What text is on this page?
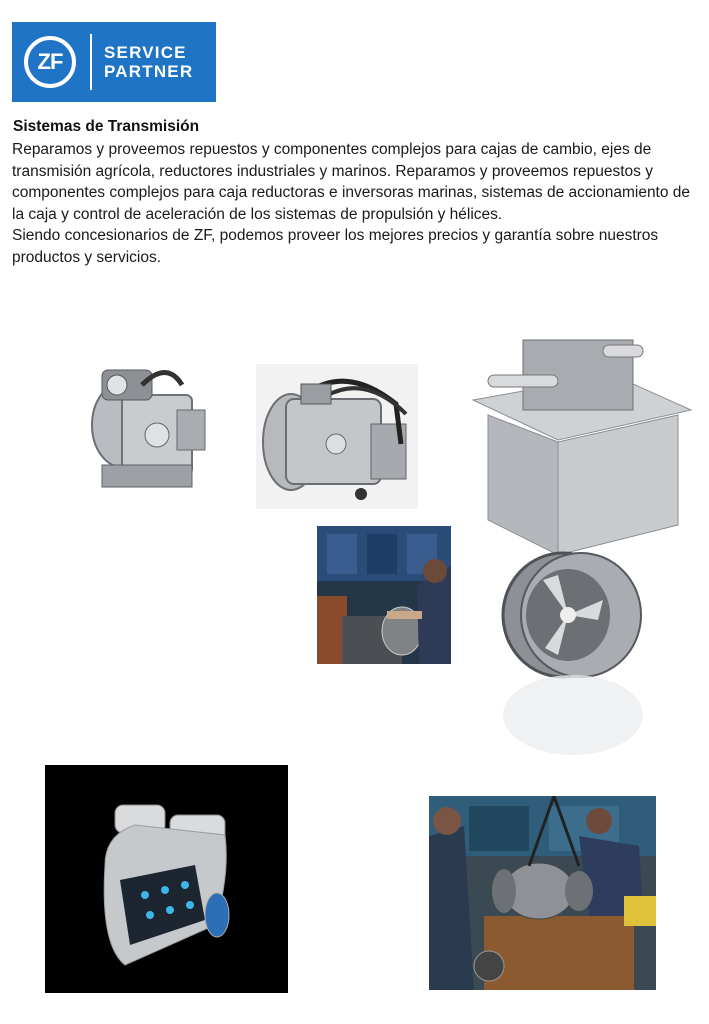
ZF	SERVICE
PARTNER
Sistemas de Transmisión

Reparamos y proveemos repuestos y componentes complejos para cajas de cambio, ejes de transmisión agrícola, reductores industriales y marinos. Reparamos y proveemos repuestos y componentes complejos para caja reductoras e inversoras marinas, sistemas de accionamiento de la caja y control de aceleración de los sistemas de propulsión y hélices.

Siendo concesionarios de ZF, podemos proveer los mejores precios y garantía sobre nuestros productos y servicios.
